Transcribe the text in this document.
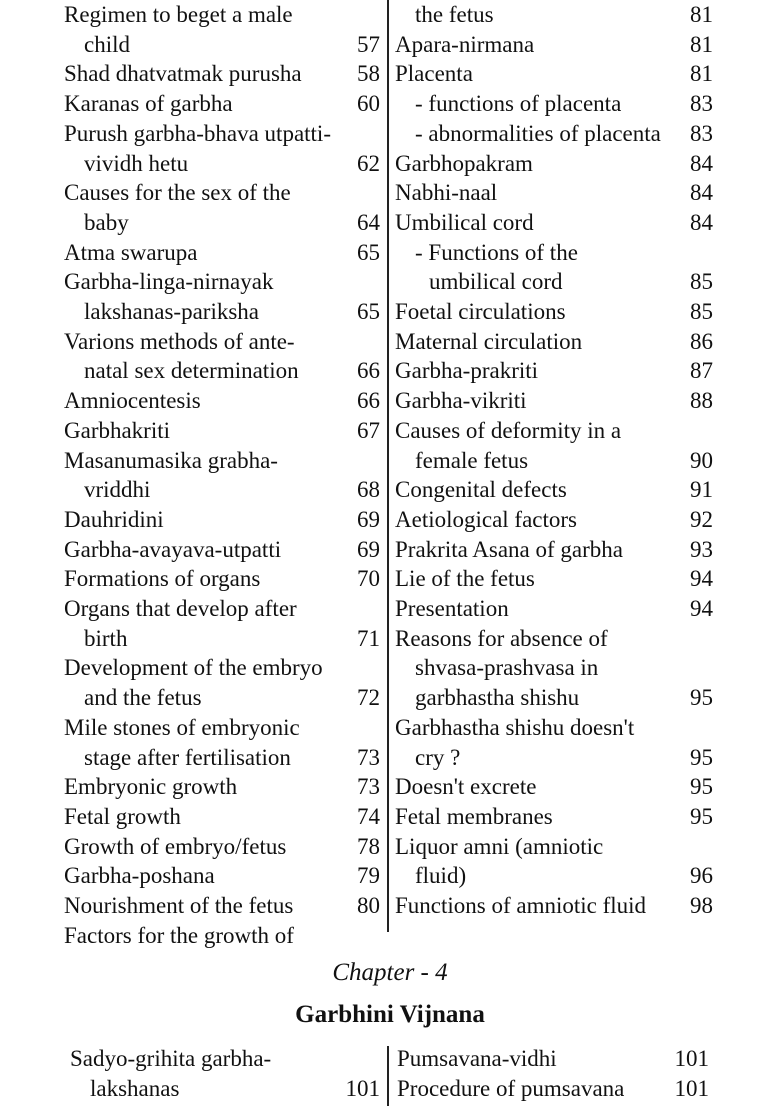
Regimen to beget a male
child	57
Shad dhatvatmak purusha 58
Karanas of garbha	60
Purush garbha-bhava utpatti-
vividh hetu	62
Causes for the sex of the
baby	64
Atma swarupa	65
Garbha-linga-nirnayak
lakshanas-pariksha	65
Varions methods of ante-
natal sex determination	66
Amniocentesis	66
Garbhakriti	67
Masanumasika grabha-
vriddhi	68
Dauhridini	69
Garbha-avayava-utpatti	69
Formations of organs	70
Organs that develop after
birth	71
Development of the embryo
and the fetus	72
Mile stones of embryonic
stage after fertilisation	73
Embryonic growth	73
Fetal growth	74
Growth of embryo/fetus	78
Garbha-poshana	79
Nourishment of the fetus	80
Factors for the growth of
the fetus	81
Apara-nirmana	81
Placenta	81
- functions of placenta	83
- abnormalities of placenta 83
Garbhopakram	84
Nabhi-naal	84
Umbilical cord	84
- Functions of the
umbilical cord	85
Foetal circulations	85
Maternal circulation	86
Garbha-prakriti	87
Garbha-vikriti	88
Causes of deformity in a
female fetus	90
Congenital defects	91
Aetiological factors	92
Prakrita Asana of garbha	93
Lie of the fetus	94
Presentation	94
Reasons for absence of
shvasa-prashvasa in
garbhastha shishu	95
Garbhastha shishu doesn't
cry ?	95
Doesn't excrete	95
Fetal membranes	95
Liquor amni (amniotic
fluid)	96
Functions of amniotic fluid 98
Chapter - 4
Garbhini Vijnana
Sadyo-grihita garbha-
lakshanas	101
Pumsavana-vidhi	101
Procedure of pumsavana 101
